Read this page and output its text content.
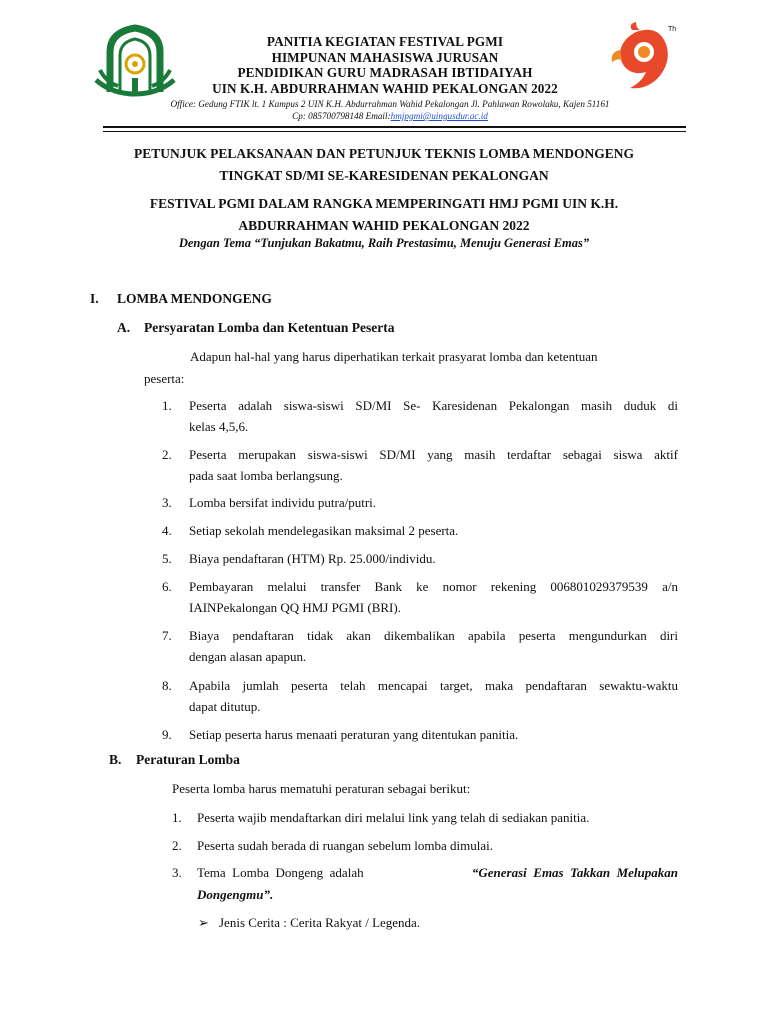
PANITIA KEGIATAN FESTIVAL PGMI
HIMPUNAN MAHASISWA JURUSAN
PENDIDIKAN GURU MADRASAH IBTIDAIYAH
UIN K.H. ABDURRAHMAN WAHID PEKALONGAN 2022
Th
Office: Gedung FTIK lt. 1 Kampus 2 UIN K.H. Abdurrahman Wahid Pekalongan Jl. Pahlawan Rowolaku, Kajen 51161
Cp: 085700798148 Email:hmjpgmi@uingusdur.ac.id
PETUNJUK PELAKSANAAN DAN PETUNJUK TEKNIS LOMBA MENDONGENG
TINGKAT SD/MI SE-KARESIDENAN PEKALONGAN
FESTIVAL PGMI DALAM RANGKA MEMPERINGATI HMJ PGMI UIN K.H.
ABDURRAHMAN WAHID PEKALONGAN 2022
Dengan Tema “Tunjukan Bakatmu, Raih Prestasimu, Menuju Generasi Emas”
I. LOMBA MENDONGENG
A. Persyaratan Lomba dan Ketentuan Peserta
Adapun hal-hal yang harus diperhatikan terkait prasyarat lomba dan ketentuan
peserta:
1. Peserta adalah siswa-siswi SD/MI Se- Karesidenan Pekalongan masih duduk di
kelas 4,5,6.
2. Peserta merupakan siswa-siswi SD/MI yang masih terdaftar sebagai siswa aktif
pada saat lomba berlangsung.
3. Lomba bersifat individu putra/putri.
4. Setiap sekolah mendelegasikan maksimal 2 peserta.
5. Biaya pendaftaran (HTM) Rp. 25.000/individu.
6. Pembayaran melalui transfer Bank ke nomor rekening 006801029379539 a/n
IAINPekalongan QQ HMJ PGMI (BRI).
7. Biaya pendaftaran tidak akan dikembalikan apabila peserta mengundurkan diri
dengan alasan apapun.
8. Apabila jumlah peserta telah mencapai target, maka pendaftaran sewaktu-waktu
dapat ditutup.
9. Setiap peserta harus menaati peraturan yang ditentukan panitia.
B. Peraturan Lomba
Peserta lomba harus mematuhi peraturan sebagai berikut:
1. Peserta wajib mendaftarkan diri melalui link yang telah di sediakan panitia.
2. Peserta sudah berada di ruangan sebelum lomba dimulai.
3. Tema  Lomba  Dongeng  adalah	“Generasi  Emas  Takkan  Melupakan
Dongengmu”.
➢ Jenis Cerita : Cerita Rakyat / Legenda.
